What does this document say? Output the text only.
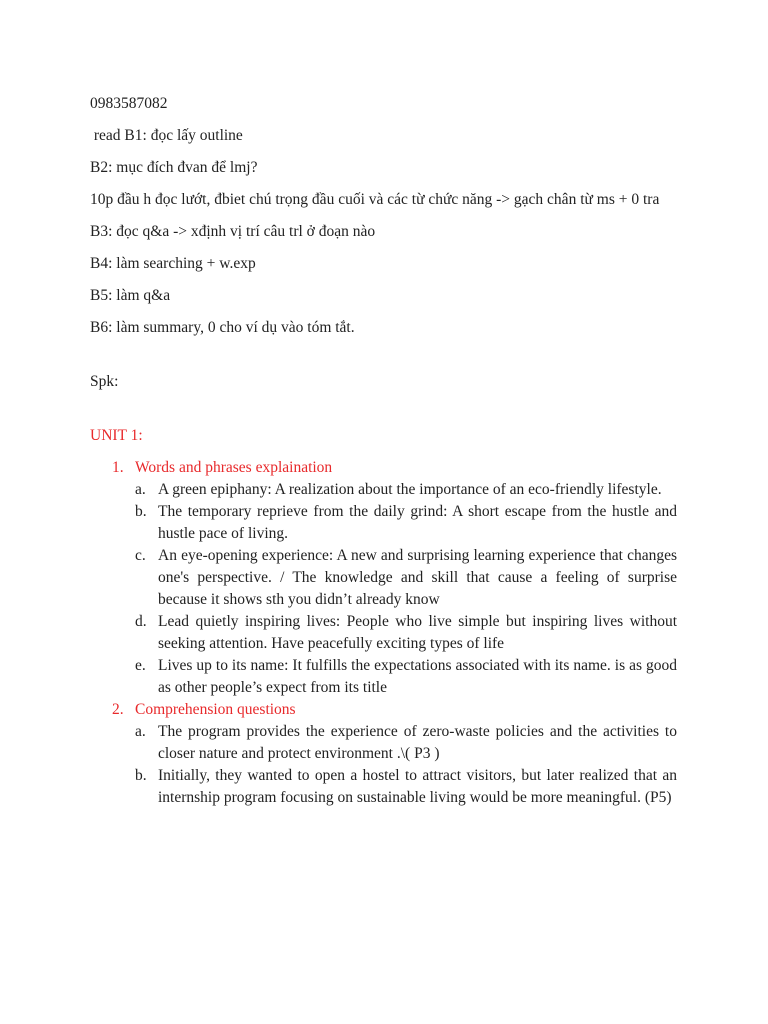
0983587082

read B1: đọc lấy outline

B2: mục đích đvan để lmj?

10p đầu h đọc lướt, đbiet chú trọng đầu cuối và các từ chức năng -> gạch chân từ ms + 0 tra

B3: đọc q&a -> xđịnh vị trí câu trl ở đoạn nào

B4: làm searching + w.exp

B5: làm q&a

B6: làm summary, 0 cho ví dụ vào tóm tắt.

Spk:

UNIT 1:

1. Words and phrases explaination
a. A green epiphany: A realization about the importance of an eco-friendly lifestyle.
b. The temporary reprieve from the daily grind: A short escape from the hustle and hustle pace of living.
c. An eye-opening experience: A new and surprising learning experience that changes one's perspective. / The knowledge and skill that cause a feeling of surprise because it shows sth you didn’t already know
d. Lead quietly inspiring lives: People who live simple but inspiring lives without seeking attention. Have peacefully exciting types of life
e. Lives up to its name: It fulfills the expectations associated with its name. is as good as other people’s expect from its title
2. Comprehension questions
a. The program provides the experience of zero-waste policies and the activities to closer nature and protect environment .\( P3 )
b. Initially, they wanted to open a hostel to attract visitors, but later realized that an internship program focusing on sustainable living would be more meaningful. (P5)
